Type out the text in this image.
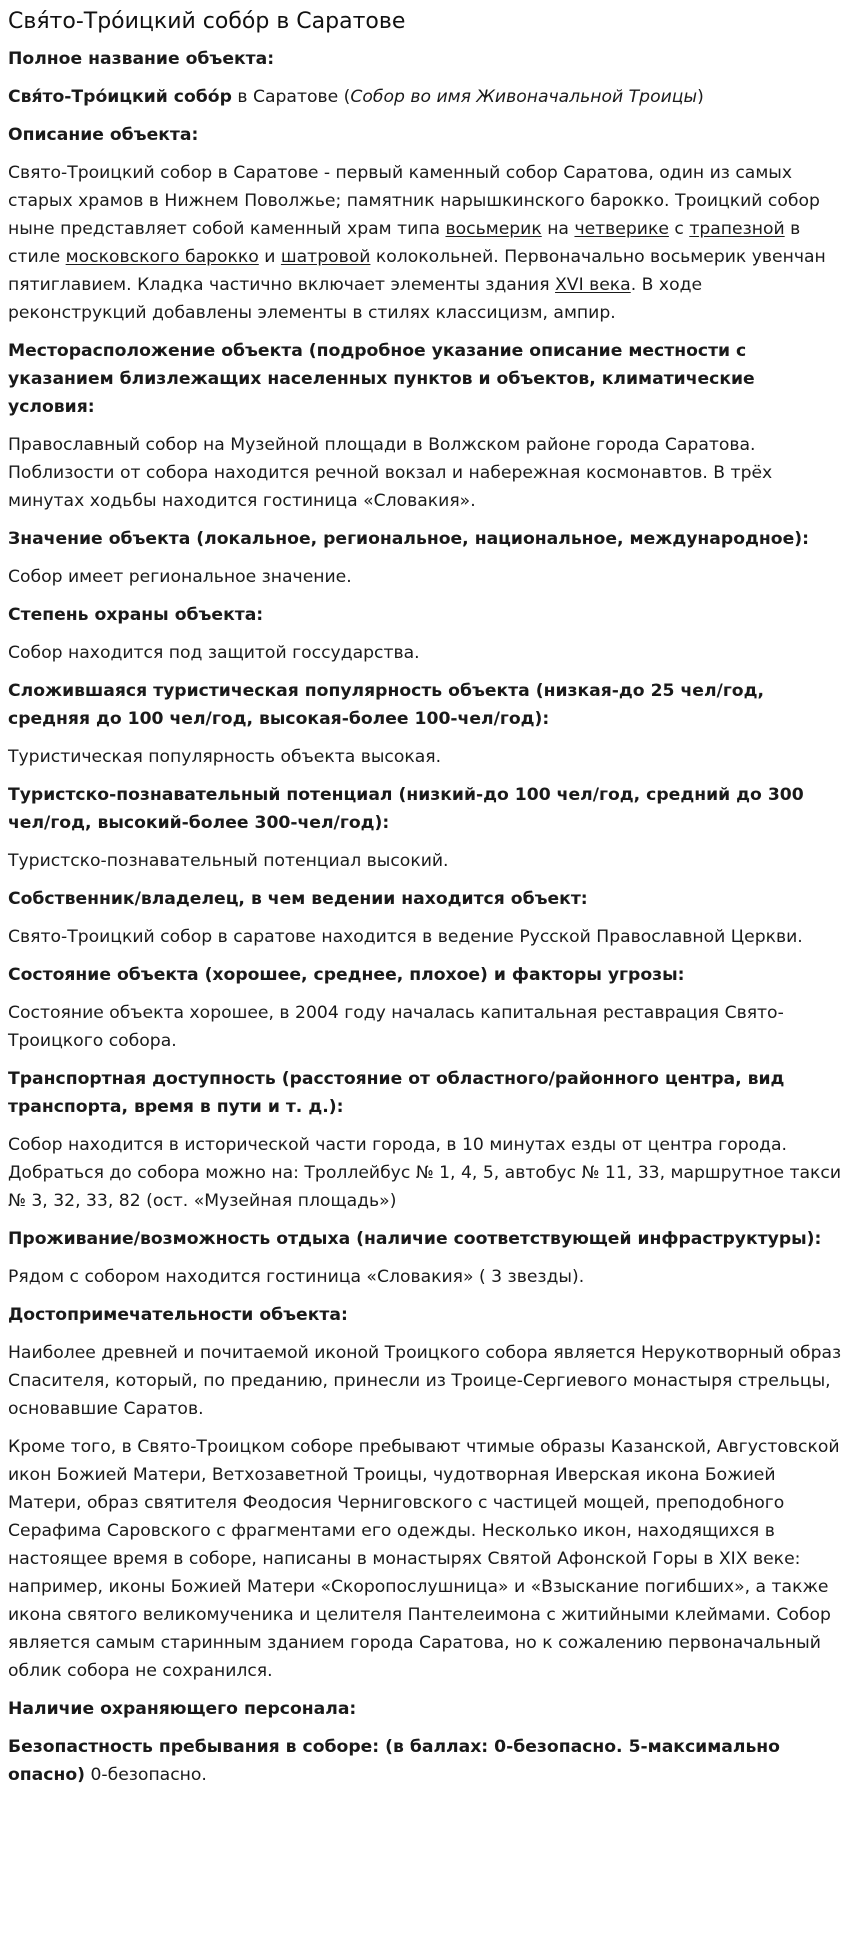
Свя́то-Тро́ицкий собо́р в Саратове

Полное название объекта:

Свя́то-Тро́ицкий собо́р в Саратове (Собор во имя Живоначальной Троицы)

Описание объекта:

Свято-Троицкий собор в Саратове - первый каменный собор Саратова, один из самых старых храмов в Нижнем Поволжье; памятник нарышкинского барокко. Троицкий собор ныне представляет собой каменный храм типа восьмерик на четверике с трапезной в стиле московского барокко и шатровой колокольней. Первоначально восьмерик увенчан пятиглавием. Кладка частично включает элементы здания XVI века. В ходе реконструкций добавлены элементы в стилях классицизм, ампир.

Месторасположение объекта (подробное указание описание местности с указанием близлежащих населенных пунктов и объектов, климатические условия:

Православный собор на Музейной площади в Волжском районе города Саратова. Поблизости от собора находится речной вокзал и набережная космонавтов. В трёх минутах ходьбы находится гостиница «Словакия».

Значение объекта (локальное, региональное, национальное, международное):

Собор имеет региональное значение.

Степень охраны объекта:

Собор находится под защитой госсударства.

Сложившаяся туристическая популярность объекта (низкая-до 25 чел/год, средняя до 100 чел/год, высокая-более 100-чел/год):

Туристическая популярность объекта высокая.

Туристско-познавательный потенциал (низкий-до 100 чел/год, средний до 300 чел/год, высокий-более 300-чел/год):

Туристско-познавательный потенциал высокий.

Собственник/владелец, в чем ведении находится объект:

Свято-Троицкий собор в саратове находится в ведение Русской Православной Церкви.

Состояние объекта (хорошее, среднее, плохое) и факторы угрозы:

Состояние объекта хорошее, в 2004 году началась капитальная реставрация Свято-Троицкого собора.

Транспортная доступность (расстояние от областного/районного центра, вид транспорта, время в пути и т. д.):

Собор находится в исторической части города, в 10 минутах езды от центра города. Добраться до собора можно на: Троллейбус № 1, 4, 5, автобус № 11, 33, маршрутное такси № 3, 32, 33, 82 (ост. «Музейная площадь»)

Проживание/возможность отдыха (наличие соответствующей инфраструктуры):

Рядом с собором находится гостиница «Словакия» ( 3 звезды).

Достопримечательности объекта:

Наиболее древней и почитаемой иконой Троицкого собора является Нерукотворный образ Спасителя, который, по преданию, принесли из Троице-Сергиевого монастыря стрельцы, основавшие Саратов.

Кроме того, в Свято-Троицком соборе пребывают чтимые образы Казанской, Августовской икон Божией Матери, Ветхозаветной Троицы, чудотворная Иверская икона Божией Матери, образ святителя Феодосия Черниговского с частицей мощей, преподобного Серафима Саровского с фрагментами его одежды. Несколько икон, находящихся в настоящее время в соборе, написаны в монастырях Святой Афонской Горы в XIX веке: например, иконы Божией Матери «Скоропослушница» и «Взыскание погибших», а также икона святого великомученика и целителя Пантелеимона с житийными клеймами. Собор является самым старинным зданием города Саратова, но к сожалению первоначальный облик собора не сохранился.

Наличие охраняющего персонала:

Безопастность пребывания в соборе: (в баллах: 0-безопасно. 5-максимально опасно) 0-безопасно.
